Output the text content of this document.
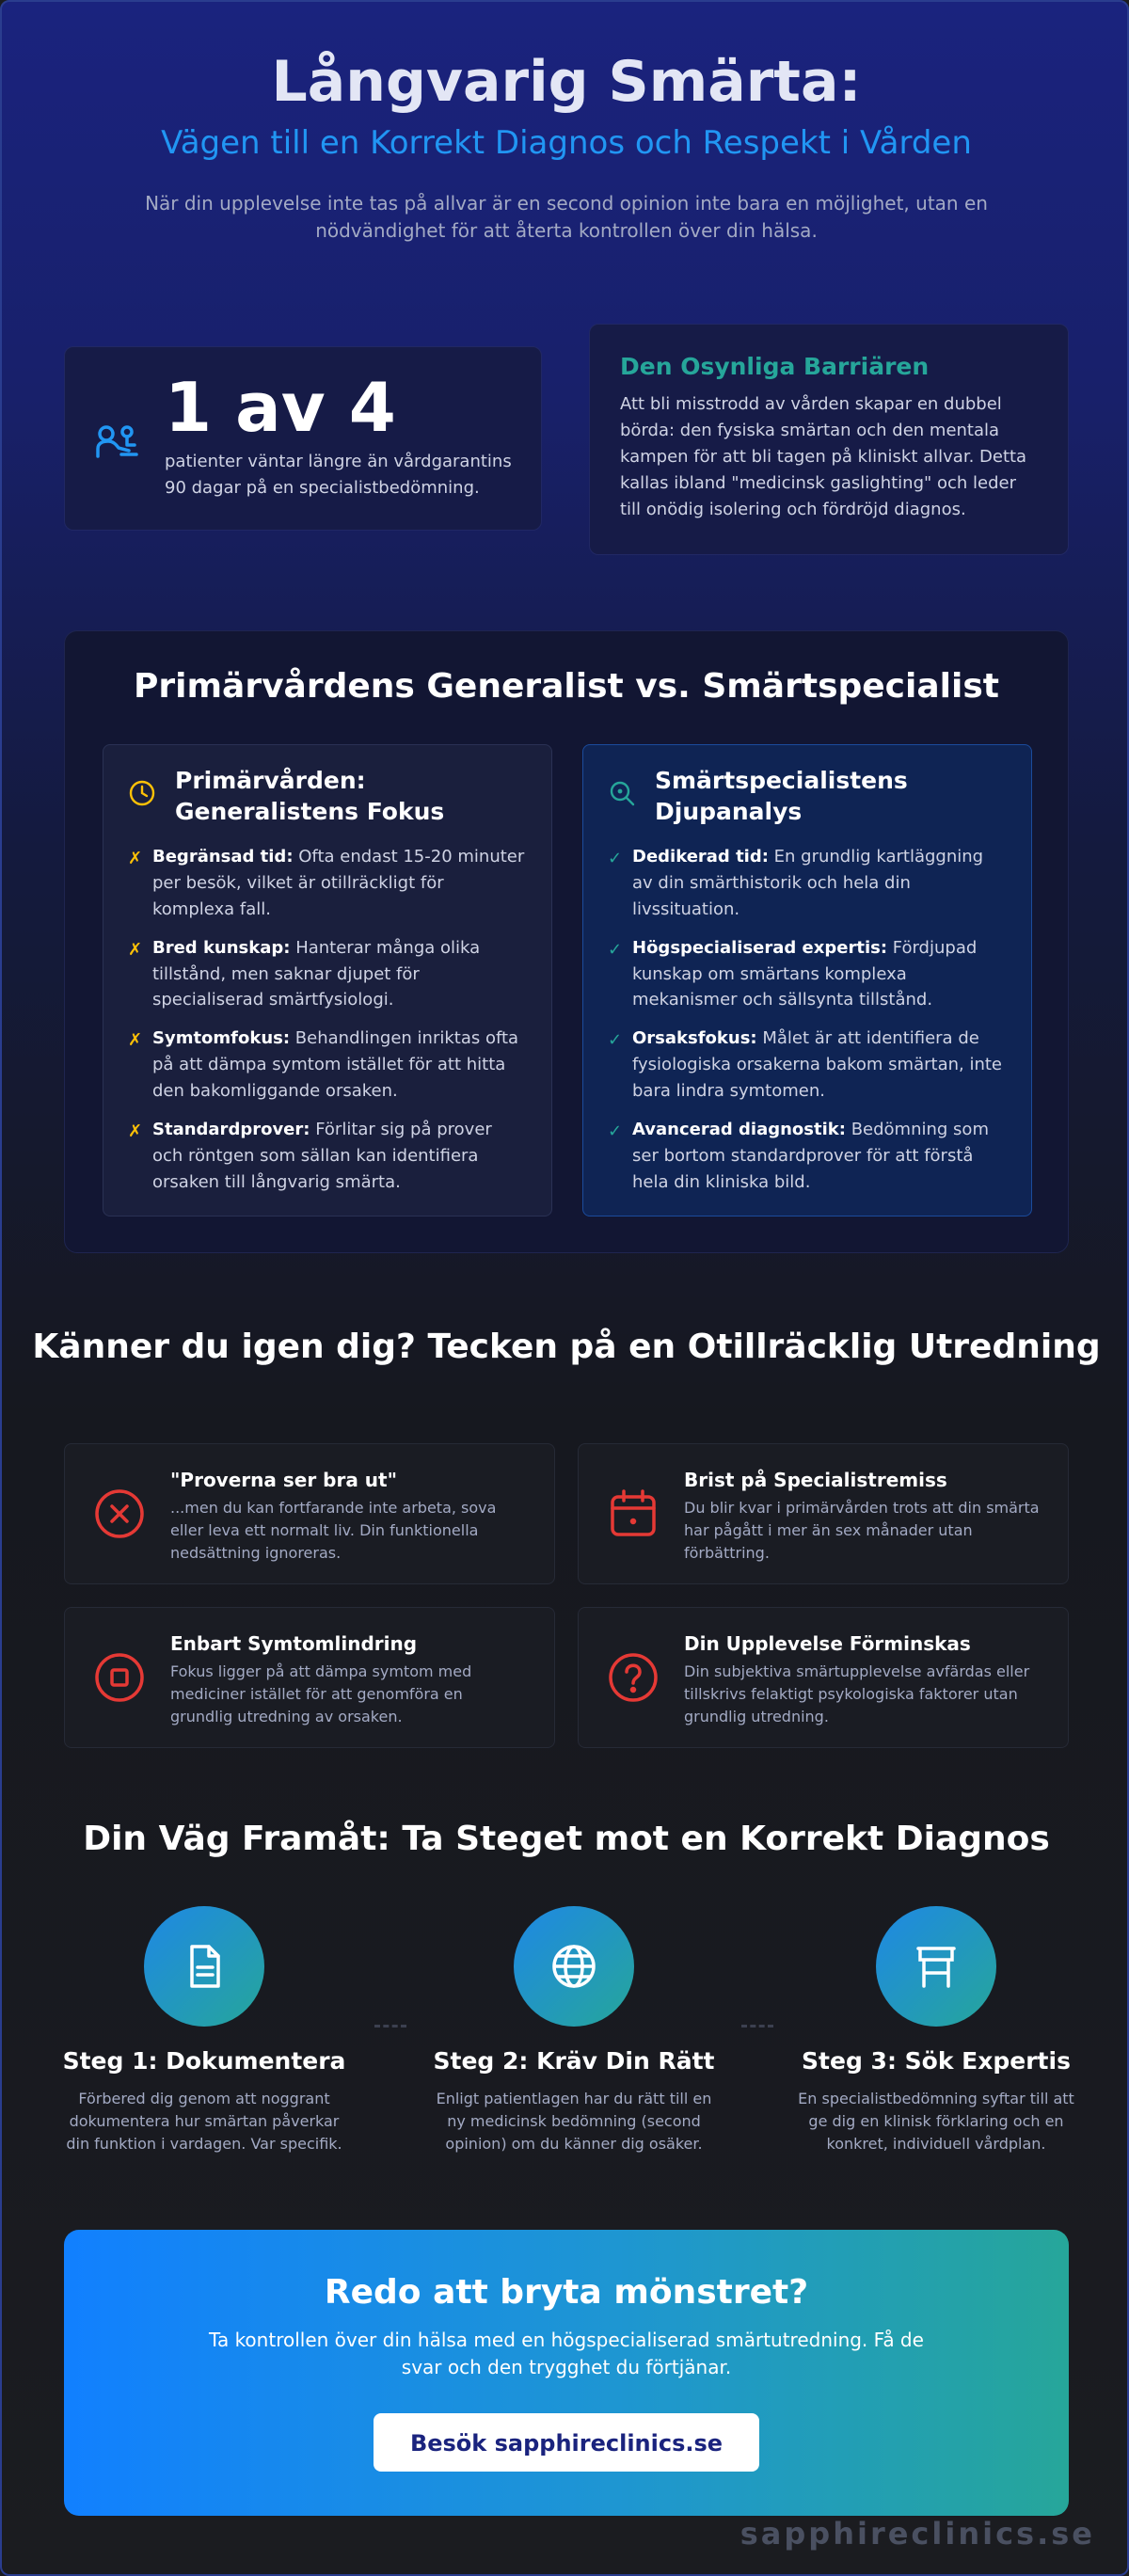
Långvarig Smärta:
Vägen till en Korrekt Diagnos och Respekt i Vården
När din upplevelse inte tas på allvar är en second opinion inte bara en möjlighet, utan en nödvändighet för att återta kontrollen över din hälsa.
1 av 4
patienter väntar längre än vårdgarantins 90 dagar på en specialistbedömning.
Den Osynliga Barriären
Att bli misstrodd av vården skapar en dubbel börda: den fysiska smärtan och den mentala kampen för att bli tagen på kliniskt allvar. Detta kallas ibland "medicinsk gaslighting" och leder till onödig isolering och fördröjd diagnos.
Primärvårdens Generalist vs. Smärtspecialist
Primärvården: Generalistens Fokus
✗ Begränsad tid: Ofta endast 15-20 minuter per besök, vilket är otillräckligt för komplexa fall.
✗ Bred kunskap: Hanterar många olika tillstånd, men saknar djupet för specialiserad smärtfysiologi.
✗ Symtomfokus: Behandlingen inriktas ofta på att dämpa symtom istället för att hitta den bakomliggande orsaken.
✗ Standardprover: Förlitar sig på prover och röntgen som sällan kan identifiera orsaken till långvarig smärta.
Smärtspecialistens Djupanalys
✓ Dedikerad tid: En grundlig kartläggning av din smärthistorik och hela din livssituation.
✓ Högspecialiserad expertis: Fördjupad kunskap om smärtans komplexa mekanismer och sällsynta tillstånd.
✓ Orsaksfokus: Målet är att identifiera de fysiologiska orsakerna bakom smärtan, inte bara lindra symtomen.
✓ Avancerad diagnostik: Bedömning som ser bortom standardprover för att förstå hela din kliniska bild.
Känner du igen dig? Tecken på en Otillräcklig Utredning
"Proverna ser bra ut"
...men du kan fortfarande inte arbeta, sova eller leva ett normalt liv. Din funktionella nedsättning ignoreras.
Brist på Specialistremiss
Du blir kvar i primärvården trots att din smärta har pågått i mer än sex månader utan förbättring.
Enbart Symtomlindring
Fokus ligger på att dämpa symtom med mediciner istället för att genomföra en grundlig utredning av orsaken.
Din Upplevelse Förminskas
Din subjektiva smärtupplevelse avfärdas eller tillskrivs felaktigt psykologiska faktorer utan grundlig utredning.
Din Väg Framåt: Ta Steget mot en Korrekt Diagnos
Steg 1: Dokumentera
Förbered dig genom att noggrant dokumentera hur smärtan påverkar din funktion i vardagen. Var specifik.
Steg 2: Kräv Din Rätt
Enligt patientlagen har du rätt till en ny medicinsk bedömning (second opinion) om du känner dig osäker.
Steg 3: Sök Expertis
En specialistbedömning syftar till att ge dig en klinisk förklaring och en konkret, individuell vårdplan.
Redo att bryta mönstret?
Ta kontrollen över din hälsa med en högspecialiserad smärtutredning. Få de svar och den trygghet du förtjänar.
Besök sapphireclinics.se
sapphireclinics.se
